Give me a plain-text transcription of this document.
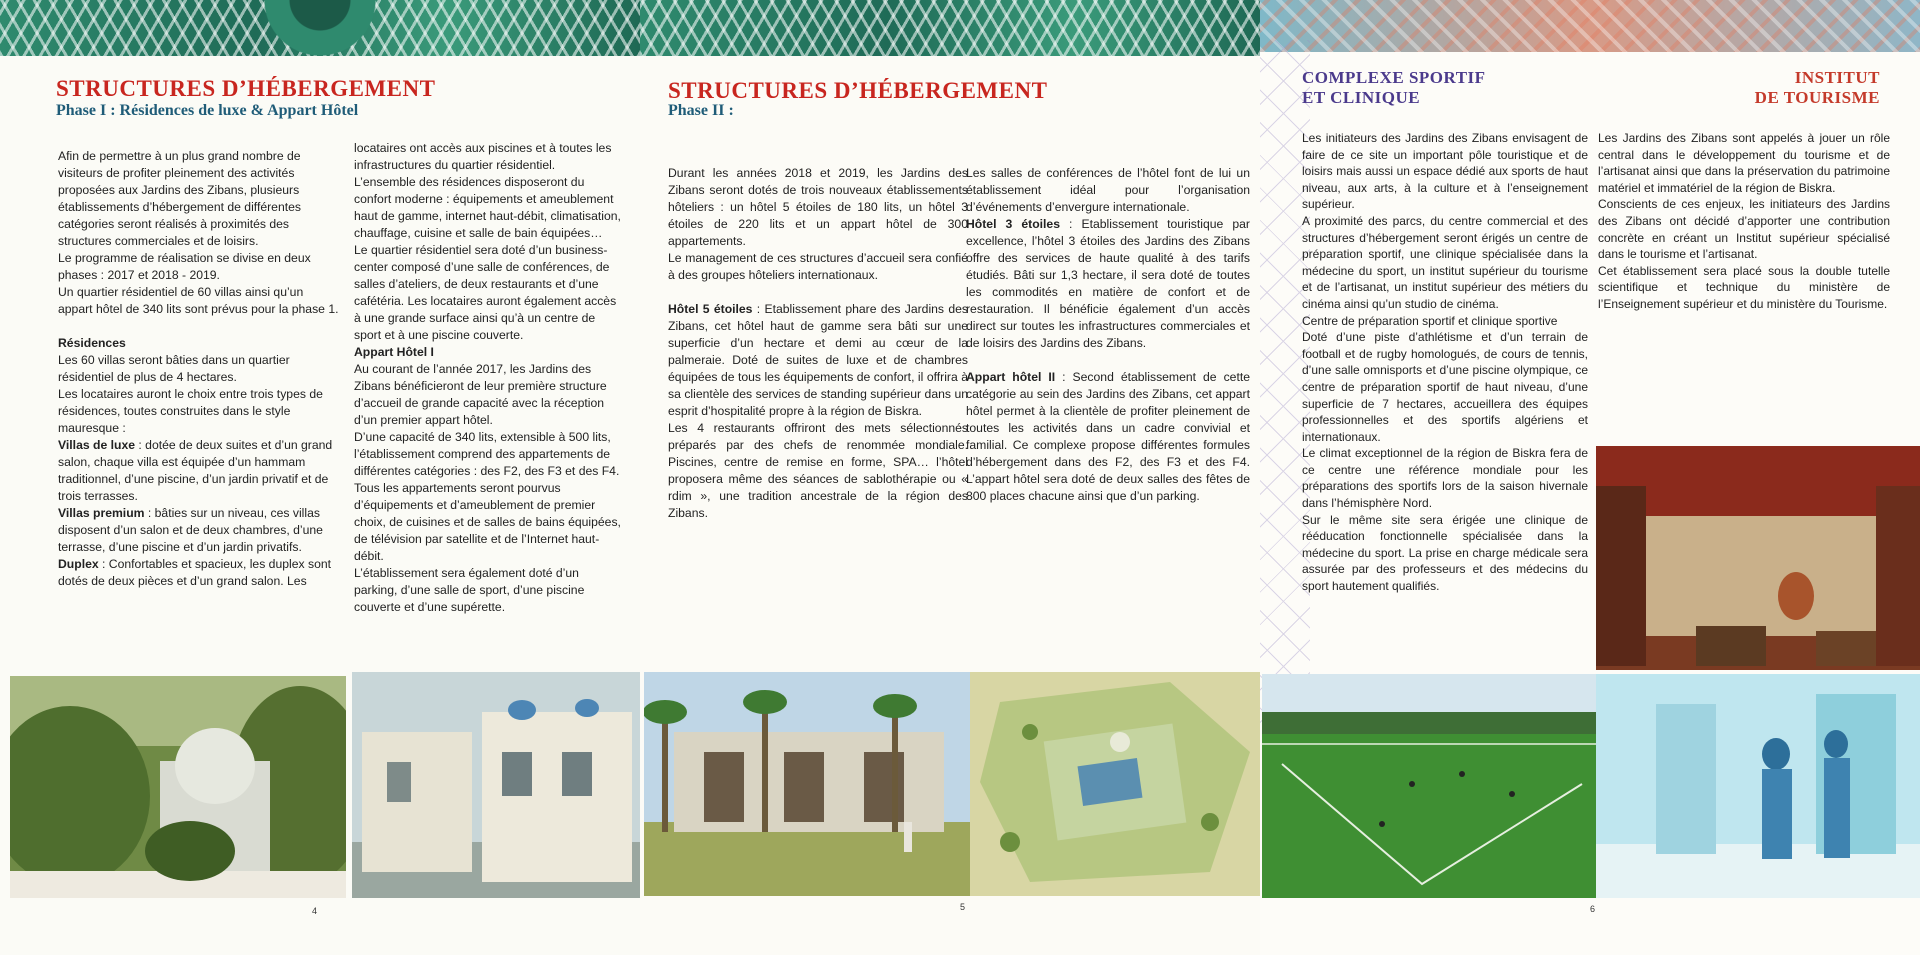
STRUCTURES D’HÉBERGEMENT
Phase I : Résidences de luxe & Appart Hôtel

Afin de permettre à un plus grand nombre de visiteurs de profiter pleinement des activités proposées aux Jardins des Zibans, plusieurs établissements d’hébergement de différentes catégories seront réalisés à proximités des structures commerciales et de loisirs.

Le programme de réalisation se divise en deux phases : 2017 et 2018 - 2019.

Un quartier résidentiel de 60 villas ainsi qu’un appart hôtel de 340 lits sont prévus pour la phase 1.

Résidences

Les 60 villas seront bâties dans un quartier résidentiel de plus de 4 hectares.

Les locataires auront le choix entre trois types de résidences, toutes construites dans le style mauresque :

Villas de luxe : dotée de deux suites et d’un grand salon, chaque villa est équipée d’un hammam traditionnel, d’une piscine, d’un jardin privatif et de trois terrasses.

Villas premium : bâties sur un niveau, ces villas disposent d’un salon et de deux chambres, d’une terrasse, d’une piscine et d’un jardin privatifs.

Duplex : Confortables et spacieux, les duplex sont dotés de deux pièces et d’un grand salon. Les

locataires ont accès aux piscines et à toutes les infrastructures du quartier résidentiel.

L’ensemble des résidences disposeront du confort moderne : équipements et ameublement haut de gamme, internet haut-débit, climatisation, chauffage, cuisine et salle de bain équipées…

Le quartier résidentiel sera doté d’un business-center composé d’une salle de conférences, de salles d’ateliers, de deux restaurants et d’une cafétéria. Les locataires auront également accès à une grande surface ainsi qu’à un centre de sport et à une piscine couverte.

Appart Hôtel I

Au courant de l’année 2017, les Jardins des Zibans bénéficieront de leur première structure d’accueil de grande capacité avec la réception d’un premier appart hôtel.

D’une capacité de 340 lits, extensible à 500 lits, l’établissement comprend des appartements de différentes catégories : des F2, des F3 et des F4.

Tous les appartements seront pourvus d’équipements et d’ameublement de premier choix, de cuisines et de salles de bains équipées, de télévision par satellite et de l’Internet haut-débit.

L’établissement sera également doté d’un parking, d’une salle de sport, d’une piscine couverte et d’une supérette.

4
STRUCTURES D’HÉBERGEMENT
Phase II :

Durant les années 2018 et 2019, les Jardins des Zibans seront dotés de trois nouveaux établissements hôteliers : un hôtel 5 étoiles de 180 lits, un hôtel 3 étoiles de 220 lits et un appart hôtel de 300 appartements.

Le management de ces structures d’accueil sera confié à des groupes hôteliers internationaux.

Hôtel 5 étoiles : Etablissement phare des Jardins des Zibans, cet hôtel haut de gamme sera bâti sur une superficie d’un hectare et demi au cœur de la palmeraie. Doté de suites de luxe et de chambres équipées de tous les équipements de confort, il offrira à sa clientèle des services de standing supérieur dans un esprit d’hospitalité propre à la région de Biskra.

Les 4 restaurants offriront des mets sélectionnés préparés par des chefs de renommée mondiale. Piscines, centre de remise en forme, SPA… l’hôtel proposera même des séances de sablothérapie ou « rdim », une tradition ancestrale de la région des Zibans.

Les salles de conférences de l’hôtel font de lui un établissement idéal pour l’organisation d’événements d’envergure internationale.

Hôtel 3 étoiles : Etablissement touristique par excellence, l’hôtel 3 étoiles des Jardins des Zibans offre des services de haute qualité à des tarifs étudiés. Bâti sur 1,3 hectare, il sera doté de toutes les commodités en matière de confort et de restauration. Il bénéficie également d’un accès direct sur toutes les infrastructures commerciales et de loisirs des Jardins des Zibans.

Appart hôtel II : Second établissement de cette catégorie au sein des Jardins des Zibans, cet appart hôtel permet à la clientèle de profiter pleinement de toutes les activités dans un cadre convivial et familial. Ce complexe propose différentes formules d’hébergement dans des F2, des F3 et des F4. L’appart hôtel sera doté de deux salles des fêtes de 800 places chacune ainsi que d’un parking.

5
COMPLEXE SPORTIF
ET CLINIQUE
INSTITUT
DE TOURISME

Les initiateurs des Jardins des Zibans envisagent de faire de ce site un important pôle touristique et de loisirs mais aussi un espace dédié aux sports de haut niveau, aux arts, à la culture et à l’enseignement supérieur.

A proximité des parcs, du centre commercial et des structures d’hébergement seront érigés un centre de préparation sportif, une clinique spécialisée dans la médecine du sport, un institut supérieur du tourisme et de l’artisanat, un institut supérieur des métiers du cinéma ainsi qu’un studio de cinéma.

Centre de préparation sportif et clinique sportive

Doté d’une piste d’athlétisme et d’un terrain de football et de rugby homologués, de cours de tennis, d’une salle omnisports et d’une piscine olympique, ce centre de préparation sportif de haut niveau, d’une superficie de 7 hectares, accueillera des équipes professionnelles et des sportifs algériens et internationaux.

Le climat exceptionnel de la région de Biskra fera de ce centre une référence mondiale pour les préparations des sportifs lors de la saison hivernale dans l’hémisphère Nord.

Sur le même site sera érigée une clinique de rééducation fonctionnelle spécialisée dans la médecine du sport. La prise en charge médicale sera assurée par des professeurs et des médecins du sport hautement qualifiés.

Les Jardins des Zibans sont appelés à jouer un rôle central dans le développement du tourisme et de l’artisanat ainsi que dans la préservation du patrimoine matériel et immatériel de la région de Biskra.

Conscients de ces enjeux, les initiateurs des Jardins des Zibans ont décidé d’apporter une contribution concrète en créant un Institut supérieur spécialisé dans le tourisme et l’artisanat.

Cet établissement sera placé sous la double tutelle scientifique et technique du ministère de l’Enseignement supérieur et du ministère du Tourisme.

6
